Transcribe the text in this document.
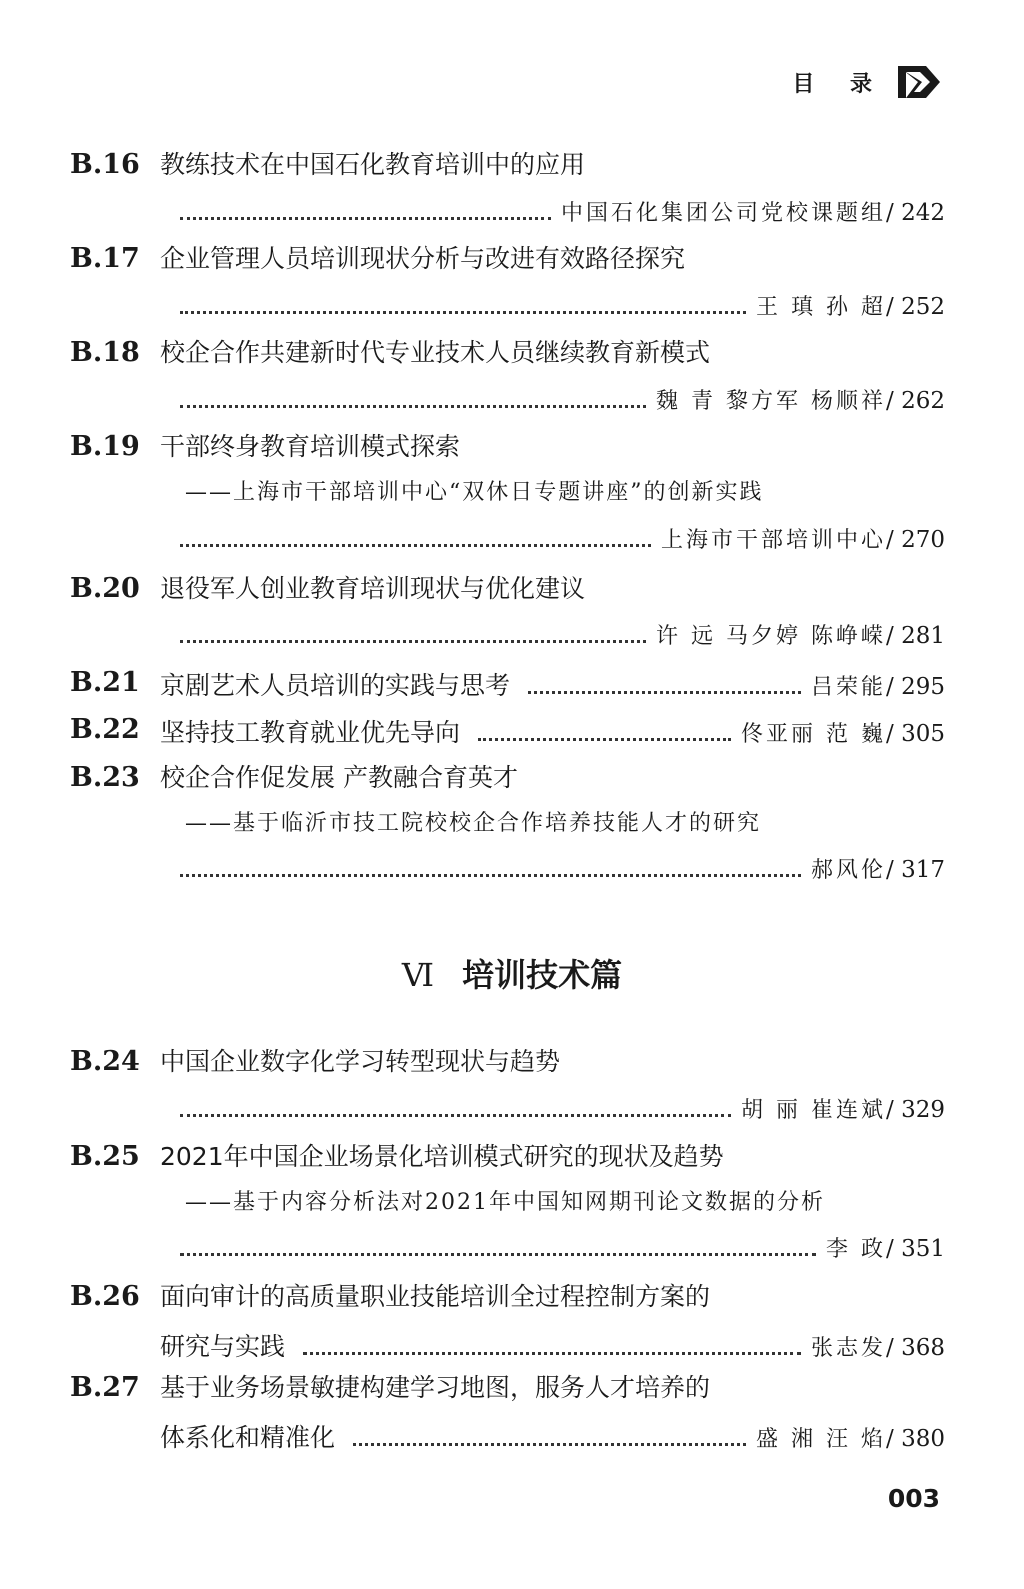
目 录
B.16 教练技术在中国石化教育培训中的应用
中国石化集团公司党校课题组 / 242
B.17 企业管理人员培训现状分析与改进有效路径探究
王 瑱 孙 超 / 252
B.18 校企合作共建新时代专业技术人员继续教育新模式
魏 青 黎方军 杨顺祥 / 262
B.19 干部终身教育培训模式探索
——上海市干部培训中心“双休日专题讲座”的创新实践
上海市干部培训中心 / 270
B.20 退役军人创业教育培训现状与优化建议
许 远 马夕婷 陈峥嵘 / 281
B.21 京剧艺术人员培训的实践与思考	吕荣能 / 295
B.22 坚持技工教育就业优先导向	佟亚丽 范 巍 / 305
B.23 校企合作促发展 产教融合育英才
——基于临沂市技工院校校企合作培养技能人才的研究
郝风伦 / 317
Ⅵ 培训技术篇
B.24 中国企业数字化学习转型现状与趋势
胡 丽 崔连斌 / 329
B.25 2021年中国企业场景化培训模式研究的现状及趋势
——基于内容分析法对2021年中国知网期刊论文数据的分析
李 政 / 351
B.26 面向审计的高质量职业技能培训全过程控制方案的
研究与实践	张志发 / 368
B.27 基于业务场景敏捷构建学习地图，服务人才培养的
体系化和精准化	盛 湘 汪 焰 / 380
003
